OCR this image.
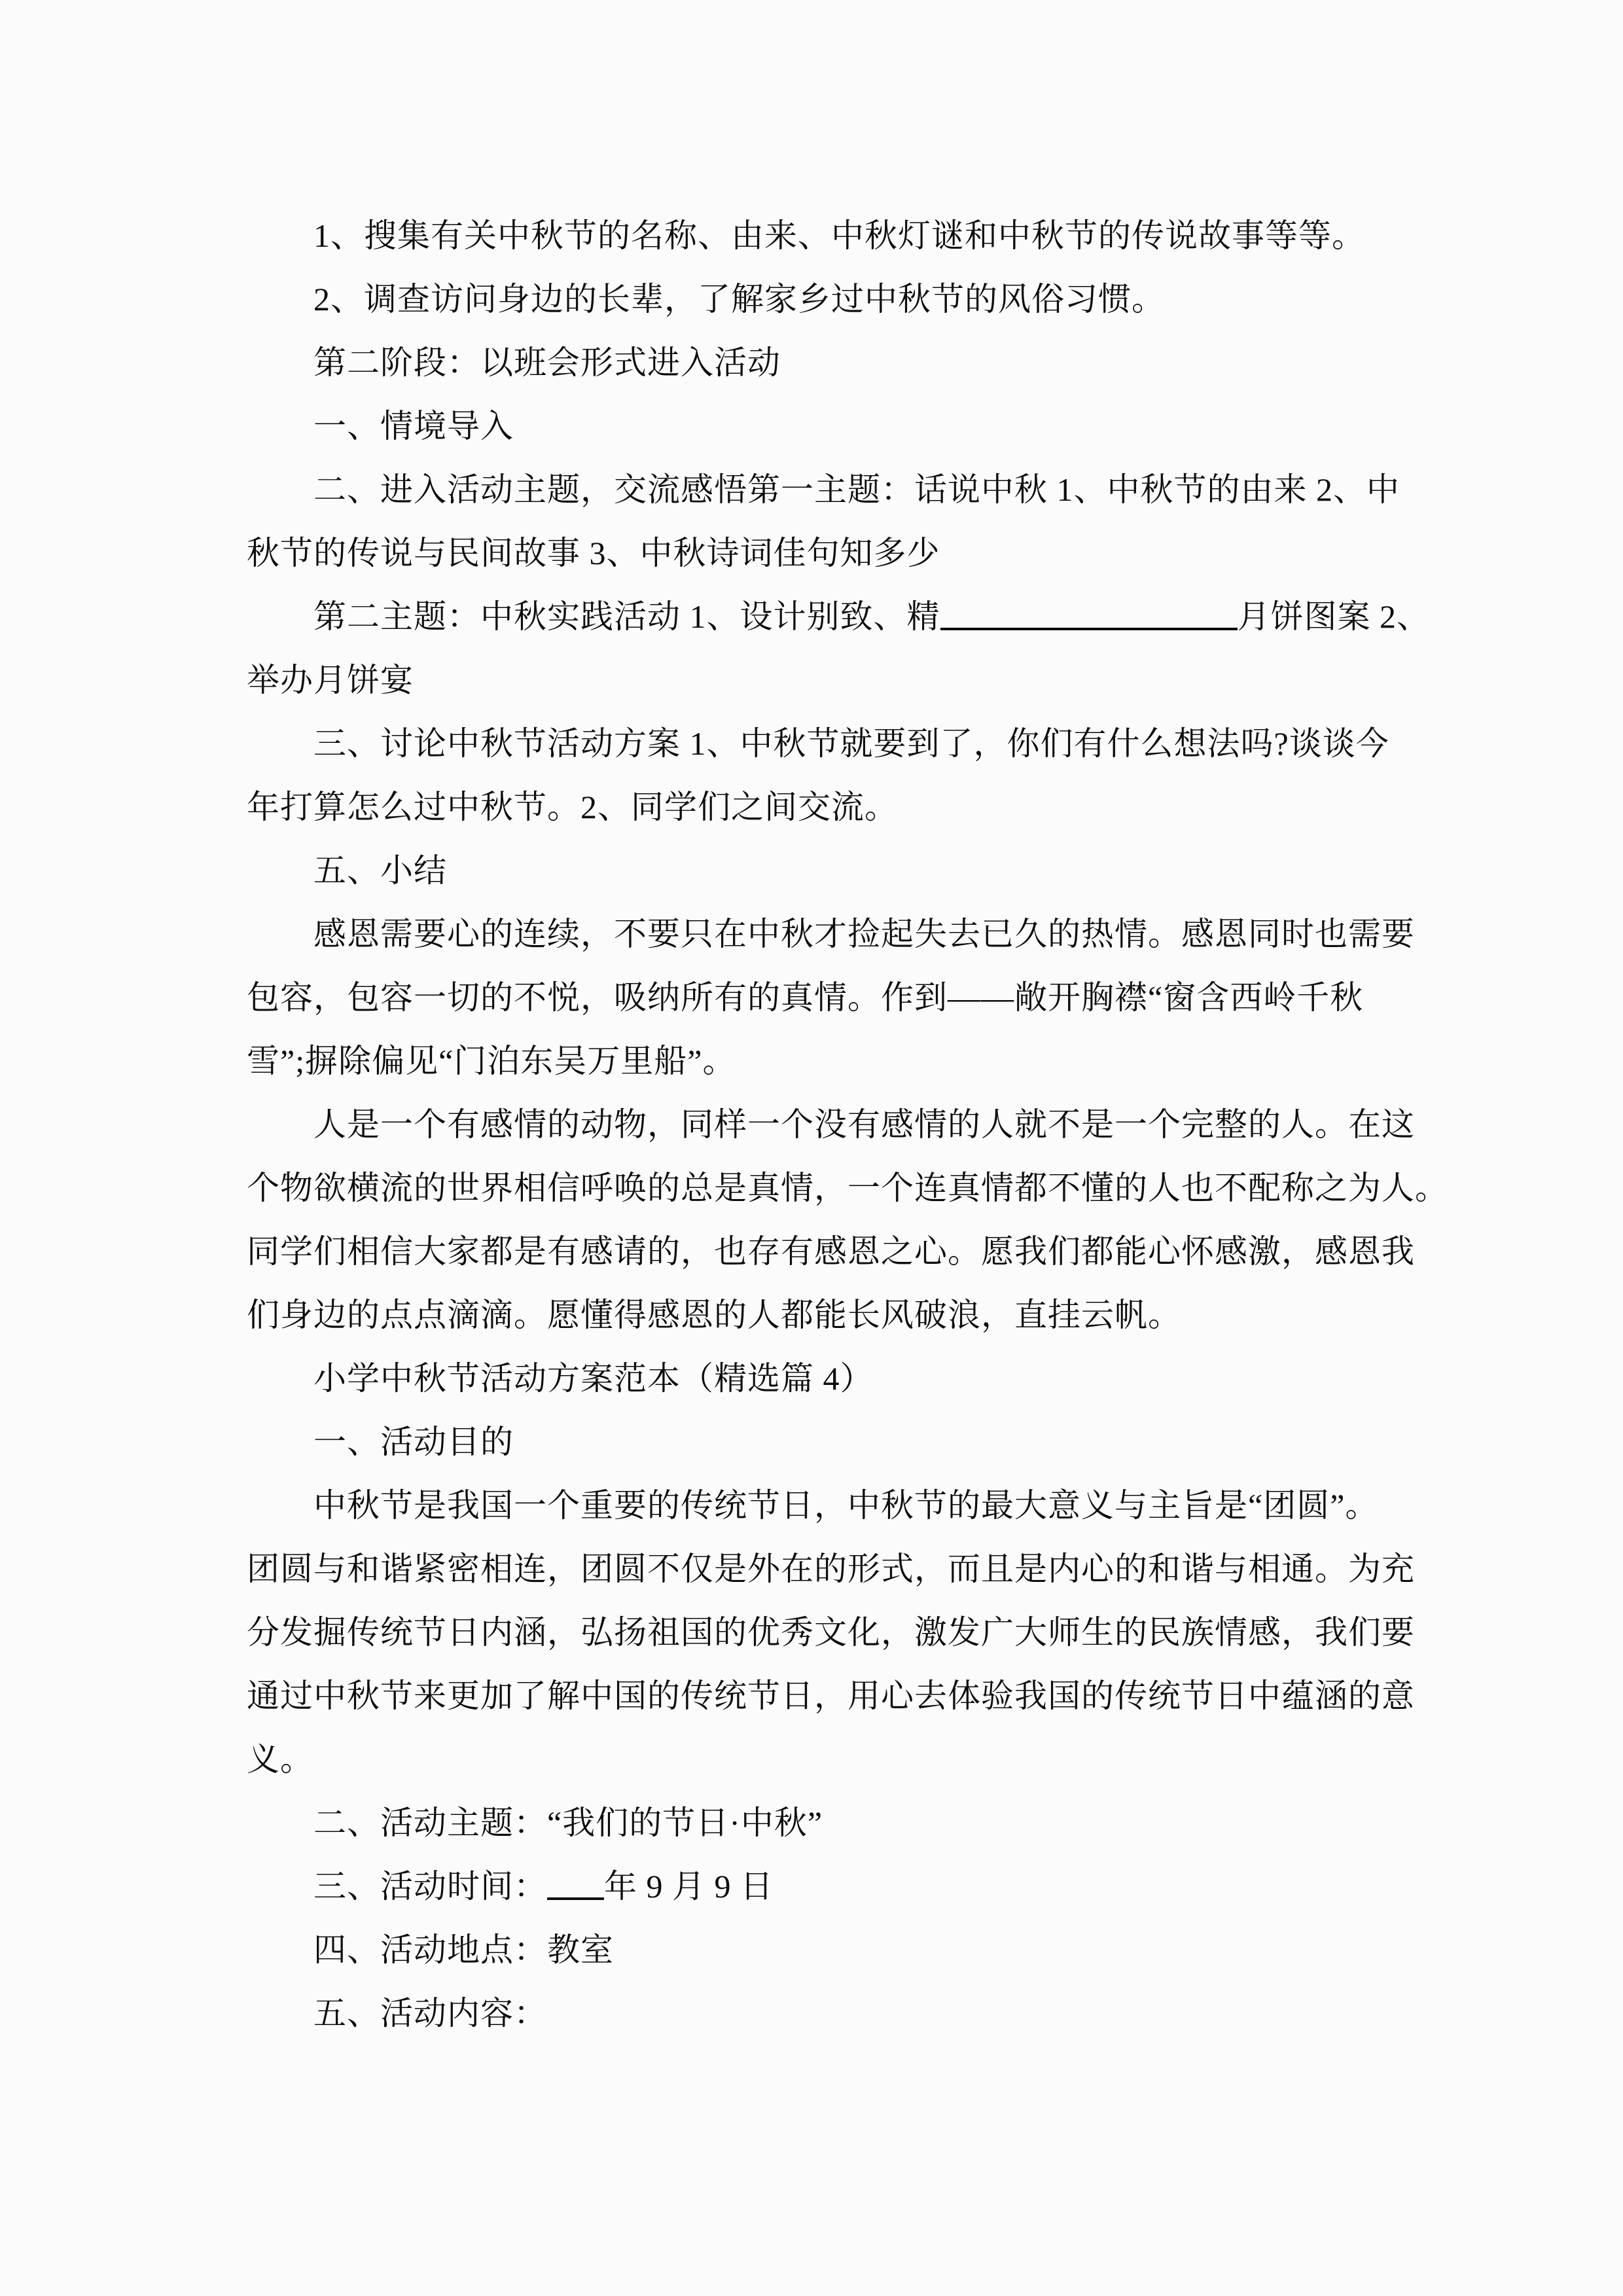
1、搜集有关中秋节的名称、由来、中秋灯谜和中秋节的传说故事等等。
2、调查访问身边的长辈，了解家乡过中秋节的风俗习惯。
第二阶段：以班会形式进入活动
一、情境导入
二、进入活动主题，交流感悟第一主题：话说中秋 1、中秋节的由来 2、中
秋节的传说与民间故事 3、中秋诗词佳句知多少
第二主题：中秋实践活动 1、设计别致、精	月饼图案 2、
举办月饼宴
三、讨论中秋节活动方案 1、中秋节就要到了，你们有什么想法吗?谈谈今
年打算怎么过中秋节。2、同学们之间交流。
五、小结
感恩需要心的连续，不要只在中秋才捡起失去已久的热情。感恩同时也需要
包容，包容一切的不悦，吸纳所有的真情。作到――敞开胸襟“窗含西岭千秋
雪”;摒除偏见“门泊东吴万里船”。
人是一个有感情的动物，同样一个没有感情的人就不是一个完整的人。在这
个物欲横流的世界相信呼唤的总是真情，一个连真情都不懂的人也不配称之为人。
同学们相信大家都是有感请的，也存有感恩之心。愿我们都能心怀感激，感恩我
们身边的点点滴滴。愿懂得感恩的人都能长风破浪，直挂云帆。
小学中秋节活动方案范本（精选篇 4）
一、活动目的
中秋节是我国一个重要的传统节日，中秋节的最大意义与主旨是“团圆”。
团圆与和谐紧密相连，团圆不仅是外在的形式，而且是内心的和谐与相通。为充
分发掘传统节日内涵，弘扬祖国的优秀文化，激发广大师生的民族情感，我们要
通过中秋节来更加了解中国的传统节日，用心去体验我国的传统节日中蕴涵的意
义。
二、活动主题：“我们的节日·中秋”
三、活动时间： 年 9 月 9 日
四、活动地点：教室
五、活动内容：
